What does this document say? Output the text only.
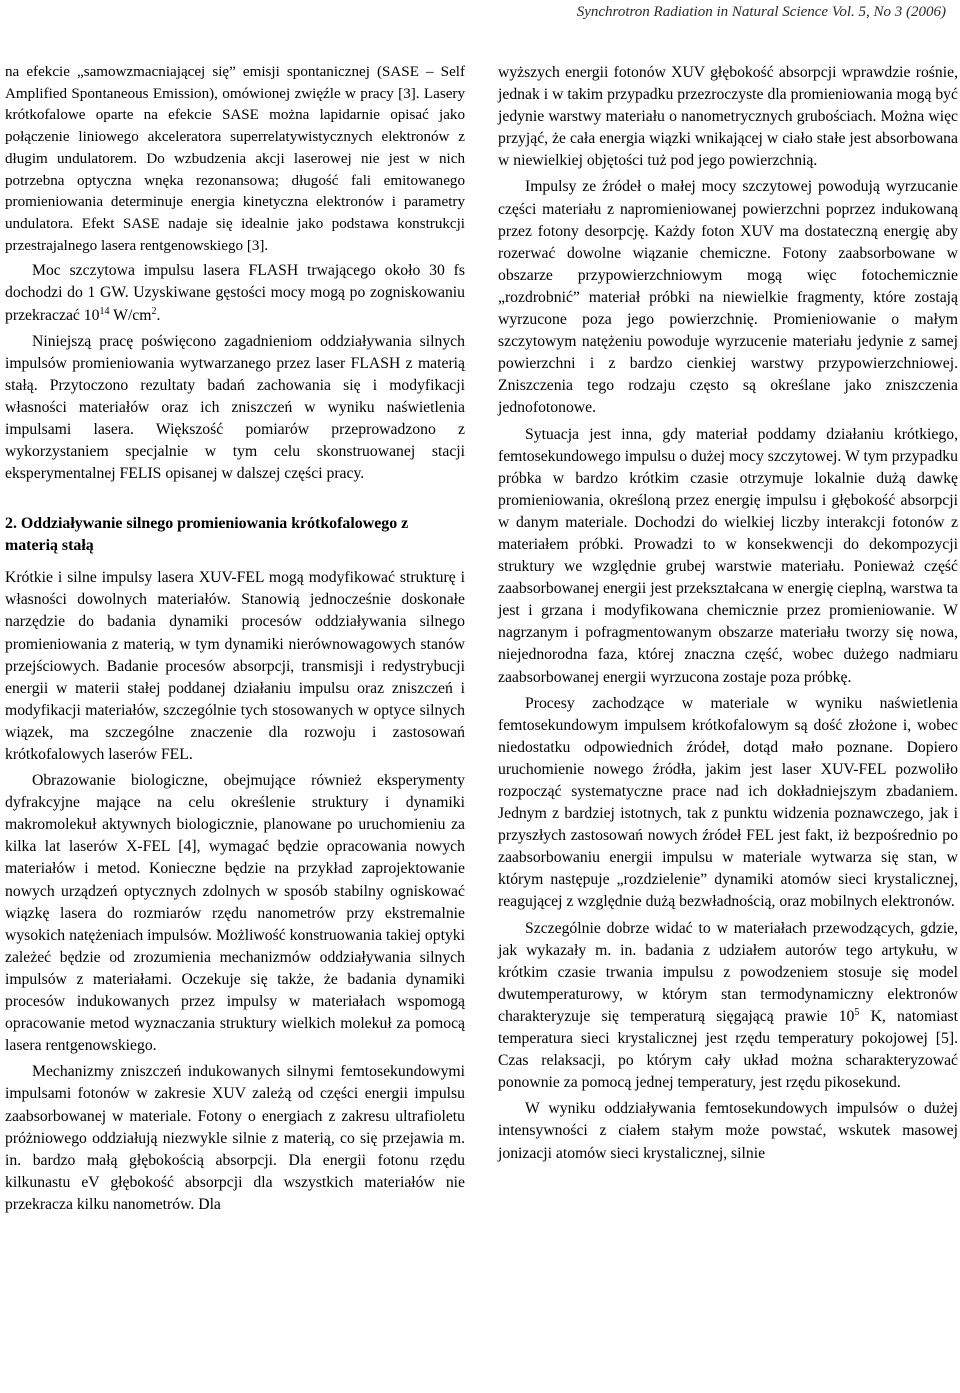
Synchrotron Radiation in Natural Science Vol. 5, No 3 (2006)

na efekcie „samowzmacniającej się” emisji spontanicznej (SASE – Self Amplified Spontaneous Emission), omówionej zwięźle w pracy [3]. Lasery krótkofalowe oparte na efekcie SASE można lapidarnie opisać jako połączenie liniowego akceleratora superrelatywistycznych elektronów z długim undulatorem. Do wzbudzenia akcji laserowej nie jest w nich potrzebna optyczna wnęka rezonansowa; długość fali emitowanego promieniowania determinuje energia kinetyczna elektronów i parametry undulatora. Efekt SASE nadaje się idealnie jako podstawa konstrukcji przestrajalnego lasera rentgenowskiego [3].

Moc szczytowa impulsu lasera FLASH trwającego około 30 fs dochodzi do 1 GW. Uzyskiwane gęstości mocy mogą po zogniskowaniu przekraczać $10^{14}$ $W/cm^2$.

Niniejszą pracę poświęcono zagadnieniom oddziaływania silnych impulsów promieniowania wytwarzanego przez laser FLASH z materią stałą. Przytoczono rezultaty badań zachowania się i modyfikacji własności materiałów oraz ich zniszczeń w wyniku naświetlenia impulsami lasera. Większość pomiarów przeprowadzono z wykorzystaniem specjalnie w tym celu skonstruowanej stacji eksperymentalnej FELIS opisanej w dalszej części pracy.

2. Oddziaływanie silnego promieniowania krótkofalowego z materią stałą

Krótkie i silne impulsy lasera XUV-FEL mogą modyfikować strukturę i własności dowolnych materiałów. Stanowią jednocześnie doskonałe narzędzie do badania dynamiki procesów oddziaływania silnego promieniowania z materią, w tym dynamiki nierównowagowych stanów przejściowych. Badanie procesów absorpcji, transmisji i redystrybucji energii w materii stałej poddanej działaniu impulsu oraz zniszczeń i modyfikacji materiałów, szczególnie tych stosowanych w optyce silnych wiązek, ma szczególne znaczenie dla rozwoju i zastosowań krótkofalowych laserów FEL.

Obrazowanie biologiczne, obejmujące również eksperymenty dyfrakcyjne mające na celu określenie struktury i dynamiki makromolekuł aktywnych biologicznie, planowane po uruchomieniu za kilka lat laserów X-FEL [4], wymagać będzie opracowania nowych materiałów i metod. Konieczne będzie na przykład zaprojektowanie nowych urządzeń optycznych zdolnych w sposób stabilny ogniskować wiązkę lasera do rozmiarów rzędu nanometrów przy ekstremalnie wysokich natężeniach impulsów. Możliwość konstruowania takiej optyki zależeć będzie od zrozumienia mechanizmów oddziaływania silnych impulsów z materiałami. Oczekuje się także, że badania dynamiki procesów indukowanych przez impulsy w materiałach wspomogą opracowanie metod wyznaczania struktury wielkich molekuł za pomocą lasera rentgenowskiego.

Mechanizmy zniszczeń indukowanych silnymi femtosekundowymi impulsami fotonów w zakresie XUV zależą od części energii impulsu zaabsorbowanej w materiale. Fotony o energiach z zakresu ultrafioletu próżniowego oddziałują niezwykle silnie z materią, co się przejawia m. in. bardzo małą głębokością absorpcji. Dla energii fotonu rzędu kilkunastu eV głębokość absorpcji dla wszystkich materiałów nie przekracza kilku nanometrów. Dla

wyższych energii fotonów XUV głębokość absorpcji wprawdzie rośnie, jednak i w takim przypadku przezroczyste dla promieniowania mogą być jedynie warstwy materiału o nanometrycznych grubościach. Można więc przyjąć, że cała energia wiązki wnikającej w ciało stałe jest absorbowana w niewielkiej objętości tuż pod jego powierzchnią.

Impulsy ze źródeł o małej mocy szczytowej powodują wyrzucanie części materiału z napromieniowanej powierzchni poprzez indukowaną przez fotony desorpcję. Każdy foton XUV ma dostateczną energię aby rozerwać dowolne wiązanie chemiczne. Fotony zaabsorbowane w obszarze przypowierzchniowym mogą więc fotochemicznie „rozdrobnić” materiał próbki na niewielkie fragmenty, które zostają wyrzucone poza jego powierzchnię. Promieniowanie o małym szczytowym natężeniu powoduje wyrzucenie materiału jedynie z samej powierzchni i z bardzo cienkiej warstwy przypowierzchniowej. Zniszczenia tego rodzaju często są określane jako zniszczenia jednofotonowe.

Sytuacja jest inna, gdy materiał poddamy działaniu krótkiego, femtosekundowego impulsu o dużej mocy szczytowej. W tym przypadku próbka w bardzo krótkim czasie otrzymuje lokalnie dużą dawkę promieniowania, określoną przez energię impulsu i głębokość absorpcji w danym materiale. Dochodzi do wielkiej liczby interakcji fotonów z materiałem próbki. Prowadzi to w konsekwencji do dekompozycji struktury we względnie grubej warstwie materiału. Ponieważ część zaabsorbowanej energii jest przekształcana w energię cieplną, warstwa ta jest i grzana i modyfikowana chemicznie przez promieniowanie. W nagrzanym i pofragmentowanym obszarze materiału tworzy się nowa, niejednorodna faza, której znaczna część, wobec dużego nadmiaru zaabsorbowanej energii wyrzucona zostaje poza próbkę.

Procesy zachodzące w materiale w wyniku naświetlenia femtosekundowym impulsem krótkofalowym są dość złożone i, wobec niedostatku odpowiednich źródeł, dotąd mało poznane. Dopiero uruchomienie nowego źródła, jakim jest laser XUV-FEL pozwoliło rozpocząć systematyczne prace nad ich dokładniejszym zbadaniem. Jednym z bardziej istotnych, tak z punktu widzenia poznawczego, jak i przyszłych zastosowań nowych źródeł FEL jest fakt, iż bezpośrednio po zaabsorbowaniu energii impulsu w materiale wytwarza się stan, w którym następuje „rozdzielenie” dynamiki atomów sieci krystalicznej, reagującej z względnie dużą bezwładnością, oraz mobilnych elektronów.

Szczególnie dobrze widać to w materiałach przewodzących, gdzie, jak wykazały m. in. badania z udziałem autorów tego artykułu, w krótkim czasie trwania impulsu z powodzeniem stosuje się model dwutemperaturowy, w którym stan termodynamiczny elektronów charakteryzuje się temperaturą sięgającą prawie $10^5$ K, natomiast temperatura sieci krystalicznej jest rzędu temperatury pokojowej [5]. Czas relaksacji, po którym cały układ można scharakteryzować ponownie za pomocą jednej temperatury, jest rzędu pikosekund.

W wyniku oddziaływania femtosekundowych impulsów o dużej intensywności z ciałem stałym może powstać, wskutek masowej jonizacji atomów sieci krystalicznej, silnie
